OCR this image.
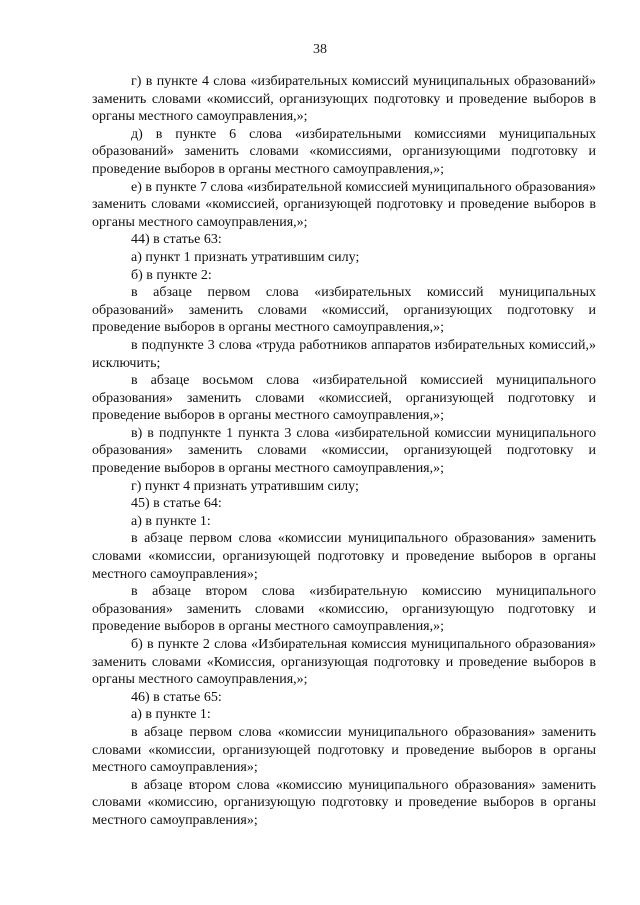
38

г) в пункте 4 слова «избирательных комиссий муниципальных образований» заменить словами «комиссий, организующих подготовку и проведение выборов в органы местного самоуправления,»;

д) в пункте 6 слова «избирательными комиссиями муниципальных образований» заменить словами «комиссиями, организующими подготовку и проведение выборов в органы местного самоуправления,»;

е) в пункте 7 слова «избирательной комиссией муниципального образования» заменить словами «комиссией, организующей подготовку и проведение выборов в органы местного самоуправления,»;

44) в статье 63:

а) пункт 1 признать утратившим силу;

б) в пункте 2:

в абзаце первом слова «избирательных комиссий муниципальных образований» заменить словами «комиссий, организующих подготовку и проведение выборов в органы местного самоуправления,»;

в подпункте 3 слова «труда работников аппаратов избирательных комиссий,» исключить;

в абзаце восьмом слова «избирательной комиссией муниципального образования» заменить словами «комиссией, организующей подготовку и проведение выборов в органы местного самоуправления,»;

в) в подпункте 1 пункта 3 слова «избирательной комиссии муниципального образования» заменить словами «комиссии, организующей подготовку и проведение выборов в органы местного самоуправления,»;

г) пункт 4 признать утратившим силу;

45) в статье 64:

а) в пункте 1:

в абзаце первом слова «комиссии муниципального образования» заменить словами «комиссии, организующей подготовку и проведение выборов в органы местного самоуправления»;

в абзаце втором слова «избирательную комиссию муниципального образования» заменить словами «комиссию, организующую подготовку и проведение выборов в органы местного самоуправления,»;

б) в пункте 2 слова «Избирательная комиссия муниципального образования» заменить словами «Комиссия, организующая подготовку и проведение выборов в органы местного самоуправления,»;

46) в статье 65:

а) в пункте 1:

в абзаце первом слова «комиссии муниципального образования» заменить словами «комиссии, организующей подготовку и проведение выборов в органы местного самоуправления»;

в абзаце втором слова «комиссию муниципального образования» заменить словами «комиссию, организующую подготовку и проведение выборов в органы местного самоуправления»;
